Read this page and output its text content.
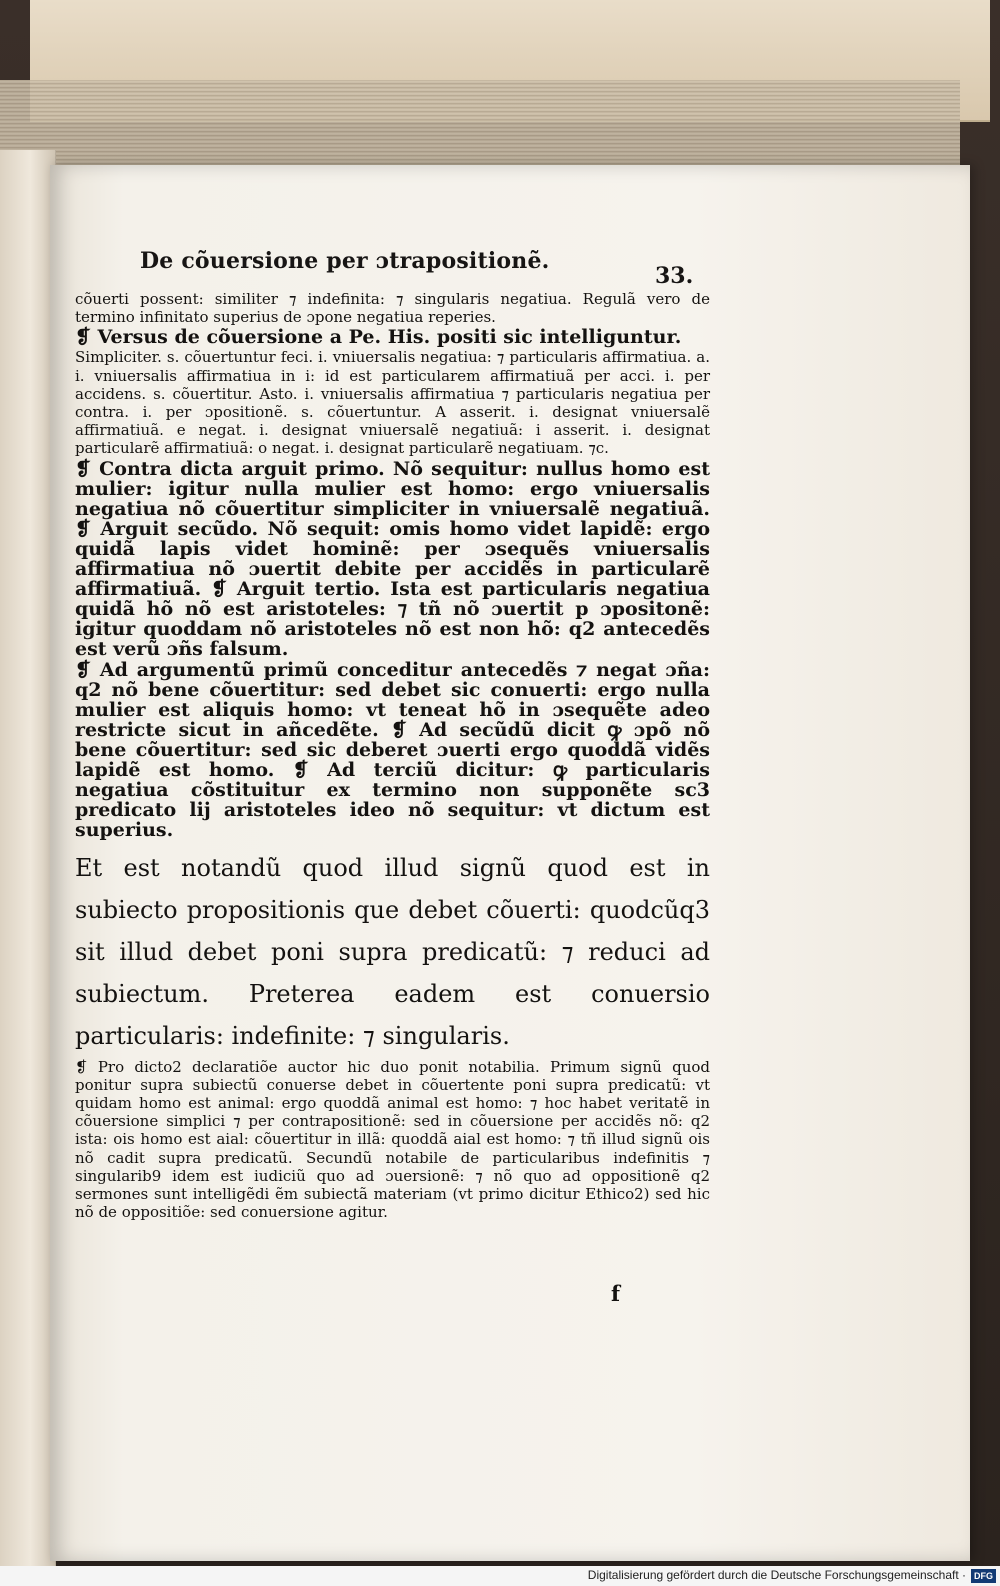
De cõuersione per ɔtrapositionẽ.
33.

cõuerti possent: similiter ⁊ indefinita: ⁊ singularis negatiua. Regulã vero de termino infinitato superius de ɔpone negatiua reperies.

❡ Versus de cõuersione a Pe. His. positi sic intelliguntur.

Simpliciter. s. cõuertuntur feci. i. vniuersalis negatiua: ⁊ particularis affirmatiua. a. i. vniuersalis affirmatiua in i: id est particularem affirmatiuã per acci. i. per accidens. s. cõuertitur. Asto. i. vniuersalis affirmatiua ⁊ particularis negatiua per contra. i. per ɔpositionẽ. s. cõuertuntur. A asserit. i. designat vniuersalẽ affirmatiuã. e negat. i. designat vniuersalẽ negatiuã: i asserit. i. designat particularẽ affirmatiuã: o negat. i. designat particularẽ negatiuam. ⁊c.

❡ Contra dicta arguit primo. Nõ sequitur: nullus homo est mulier: igitur nulla mulier est homo: ergo vniuersalis negatiua nõ cõuertitur simpliciter in vniuersalẽ negatiuã. ❡ Arguit secũdo. Nõ sequit: omis homo videt lapidẽ: ergo quidã lapis videt hominẽ: per ɔsequẽs vniuersalis affirmatiua nõ ɔuertit debite per accidẽs in particularẽ affirmatiuã. ❡ Arguit tertio. Ista est particularis negatiua quidã hõ nõ est aristoteles: ⁊ tñ nõ ɔuertit p ɔpositonẽ: igitur quoddam nõ aristoteles nõ est non hõ: q2 antecedẽs est verũ ɔñs falsum.

❡ Ad argumentũ primũ conceditur antecedẽs ⁊ negat ɔña: q2 nõ bene cõuertitur: sed debet sic conuerti: ergo nulla mulier est aliquis homo: vt teneat hõ in ɔsequẽte adeo restricte sicut in añcedẽte. ❡ Ad secũdũ dicit ꝙ ɔpõ nõ bene cõuertitur: sed sic deberet ɔuerti ergo quoddã vidẽs lapidẽ est homo. ❡ Ad terciũ dicitur: ꝙ particularis negatiua cõstituitur ex termino non supponẽte sc3 predicato lij aristoteles ideo nõ sequitur: vt dictum est superius.

Et est notandũ quod illud signũ quod est in subiecto propositionis que debet cõuerti: quodcũq3 sit illud debet poni supra predicatũ: ⁊ reduci ad subiectum. Preterea eadem est conuersio particularis: indefinite: ⁊ singularis.

❡ Pro dicto2 declaratiõe auctor hic duo ponit notabilia. Primum signũ quod ponitur supra subiectũ conuerse debet in cõuertente poni supra predicatũ: vt quidam homo est animal: ergo quoddã animal est homo: ⁊ hoc habet veritatẽ in cõuersione simplici ⁊ per contrapositionẽ: sed in cõuersione per accidẽs nõ: q2 ista: ois homo est aial: cõuertitur in illã: quoddã aial est homo: ⁊ tñ illud signũ ois nõ cadit supra predicatũ. Secundũ notabile de particularibus indefinitis ⁊ singularib9 idem est iudiciũ quo ad ɔuersionẽ: ⁊ nõ quo ad oppositionẽ q2 sermones sunt intelligẽdi ẽm subiectã materiam (vt primo dicitur Ethico2) sed hic nõ de oppositiõe: sed conuersione agitur.

f
Digitalisierung gefördert durch die Deutsche Forschungsgemeinschaft · DFG
